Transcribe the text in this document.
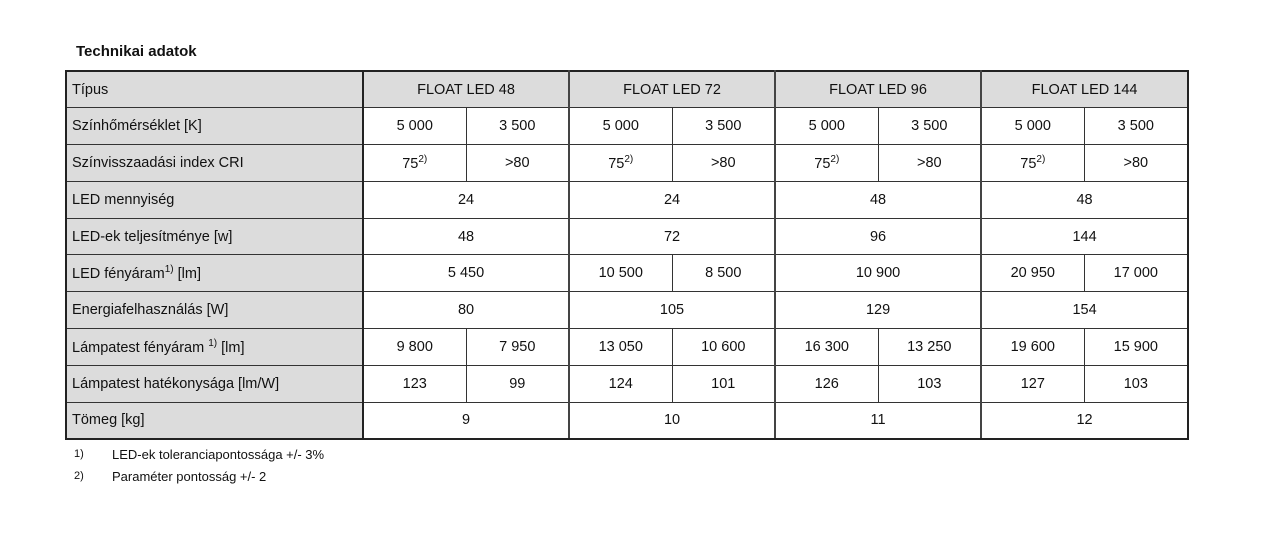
Technikai adatok
Típus	FLOAT LED 48		FLOAT LED 72		FLOAT LED 96		FLOAT LED 144	
Színhőmérséklet [K]	5 000	3 500	5 000	3 500	5 000	3 500	5 000	3 500
Színvisszaadási index CRI	$75^{2)}$	>80	$75^{2)}$	>80	$75^{2)}$	>80	$75^{2)}$	>80
LED mennyiség	24		24		48		48	
LED-ek teljesítménye [w]	48		72		96		144	
LED fényáram$^{1)}$ [lm]	5 450		10 500	8 500	10 900		20 950	17 000
Energiafelhasználás [W]	80		105		129		154	
Lámpatest fényáram $^{1)}$ [lm]	9 800	7 950	13 050	10 600	16 300	13 250	19 600	15 900
Lámpatest hatékonysága [lm/W]	123	99	124	101	126	103	127	103
Tömeg [kg]	9		10		11		12	
1)	LED-ek toleranciapontossága +/- 3%
2)	Paraméter pontosság +/- 2
